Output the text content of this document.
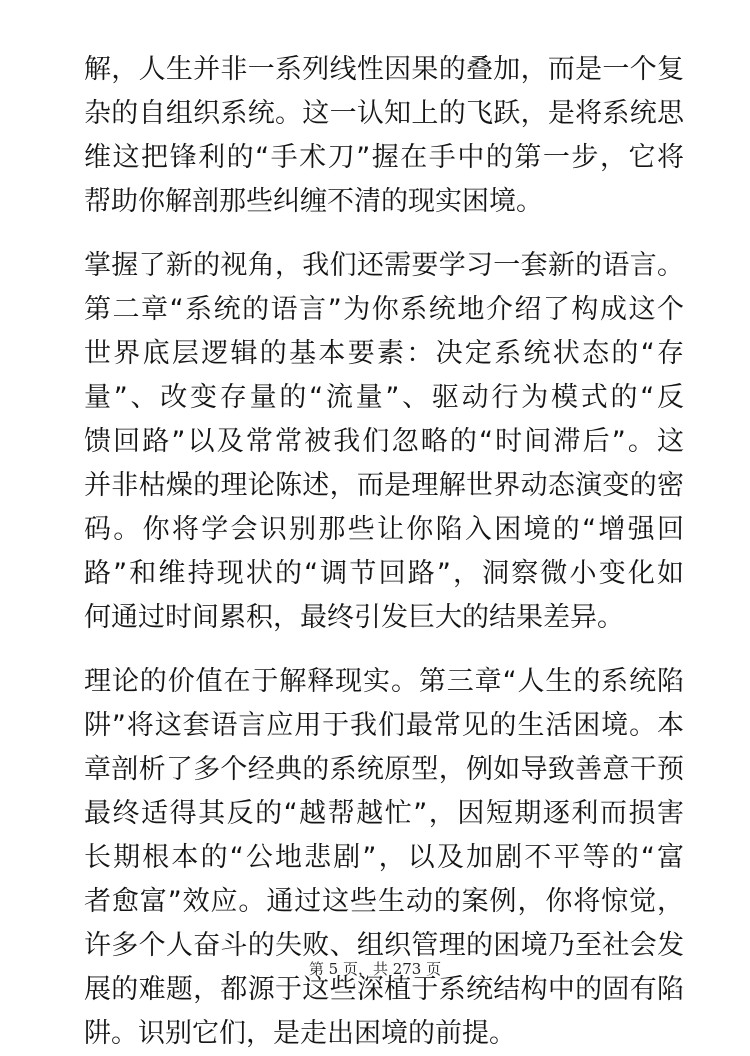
解，人生并非一系列线性因果的叠加，而是一个复
杂的自组织系统。这一认知上的飞跃，是将系统思
维这把锋利的“手术刀”握在手中的第一步，它将
帮助你解剖那些纠缠不清的现实困境。
掌握了新的视角，我们还需要学习一套新的语言。
第二章“系统的语言”为你系统地介绍了构成这个
世界底层逻辑的基本要素：决定系统状态的“存
量”、改变存量的“流量”、驱动行为模式的“反
馈回路”以及常常被我们忽略的“时间滞后”。这
并非枯燥的理论陈述，而是理解世界动态演变的密
码。你将学会识别那些让你陷入困境的“增强回
路”和维持现状的“调节回路”，洞察微小变化如
何通过时间累积，最终引发巨大的结果差异。
理论的价值在于解释现实。第三章“人生的系统陷
阱”将这套语言应用于我们最常见的生活困境。本
章剖析了多个经典的系统原型，例如导致善意干预
最终适得其反的“越帮越忙”，因短期逐利而损害
长期根本的“公地悲剧”，以及加剧不平等的“富
者愈富”效应。通过这些生动的案例，你将惊觉，
许多个人奋斗的失败、组织管理的困境乃至社会发
展的难题，都源于这些深植于系统结构中的固有陷
阱。识别它们，是走出困境的前提。
第 5 页，共 273 页
